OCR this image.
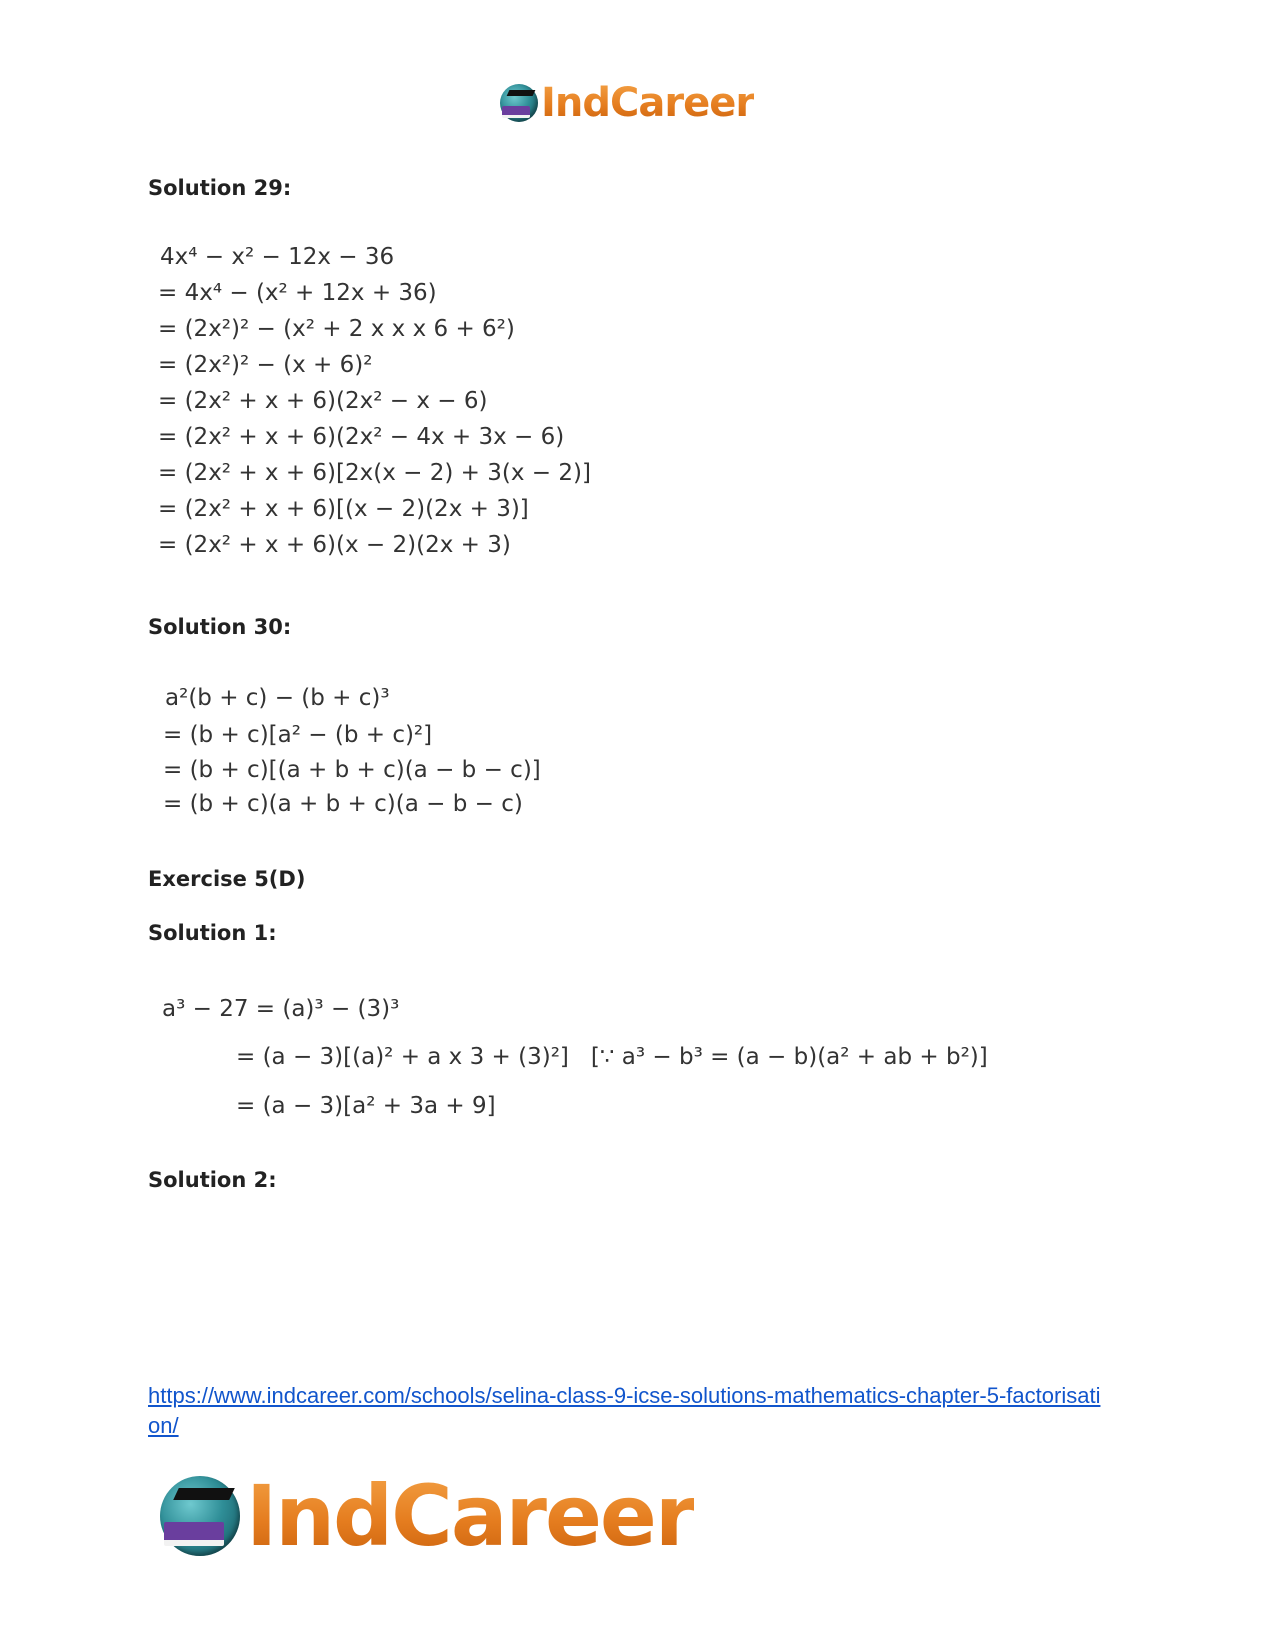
IndCareer
Solution 29:

4x⁴ − x² − 12x − 36

= 4x⁴ − (x² + 12x + 36)

= (2x²)² − (x² + 2 x x x 6 + 6²)

= (2x²)² − (x + 6)²

= (2x² + x + 6)(2x² − x − 6)

= (2x² + x + 6)(2x² − 4x + 3x − 6)

= (2x² + x + 6)[2x(x − 2) + 3(x − 2)]

= (2x² + x + 6)[(x − 2)(2x + 3)]

= (2x² + x + 6)(x − 2)(2x + 3)

Solution 30:

a²(b + c) − (b + c)³

= (b + c)[a² − (b + c)²]

= (b + c)[(a + b + c)(a − b − c)]

= (b + c)(a + b + c)(a − b − c)

Exercise 5(D)
Solution 1:

a³ − 27 = (a)³ − (3)³

= (a − 3)[(a)² + a x 3 + (3)²]   [∵ a³ − b³ = (a − b)(a² + ab + b²)]

= (a − 3)[a² + 3a + 9]

Solution 2:
https://www.indcareer.com/schools/selina-class-9-icse-solutions-mathematics-chapter-5-factorisation/
IndCareer
